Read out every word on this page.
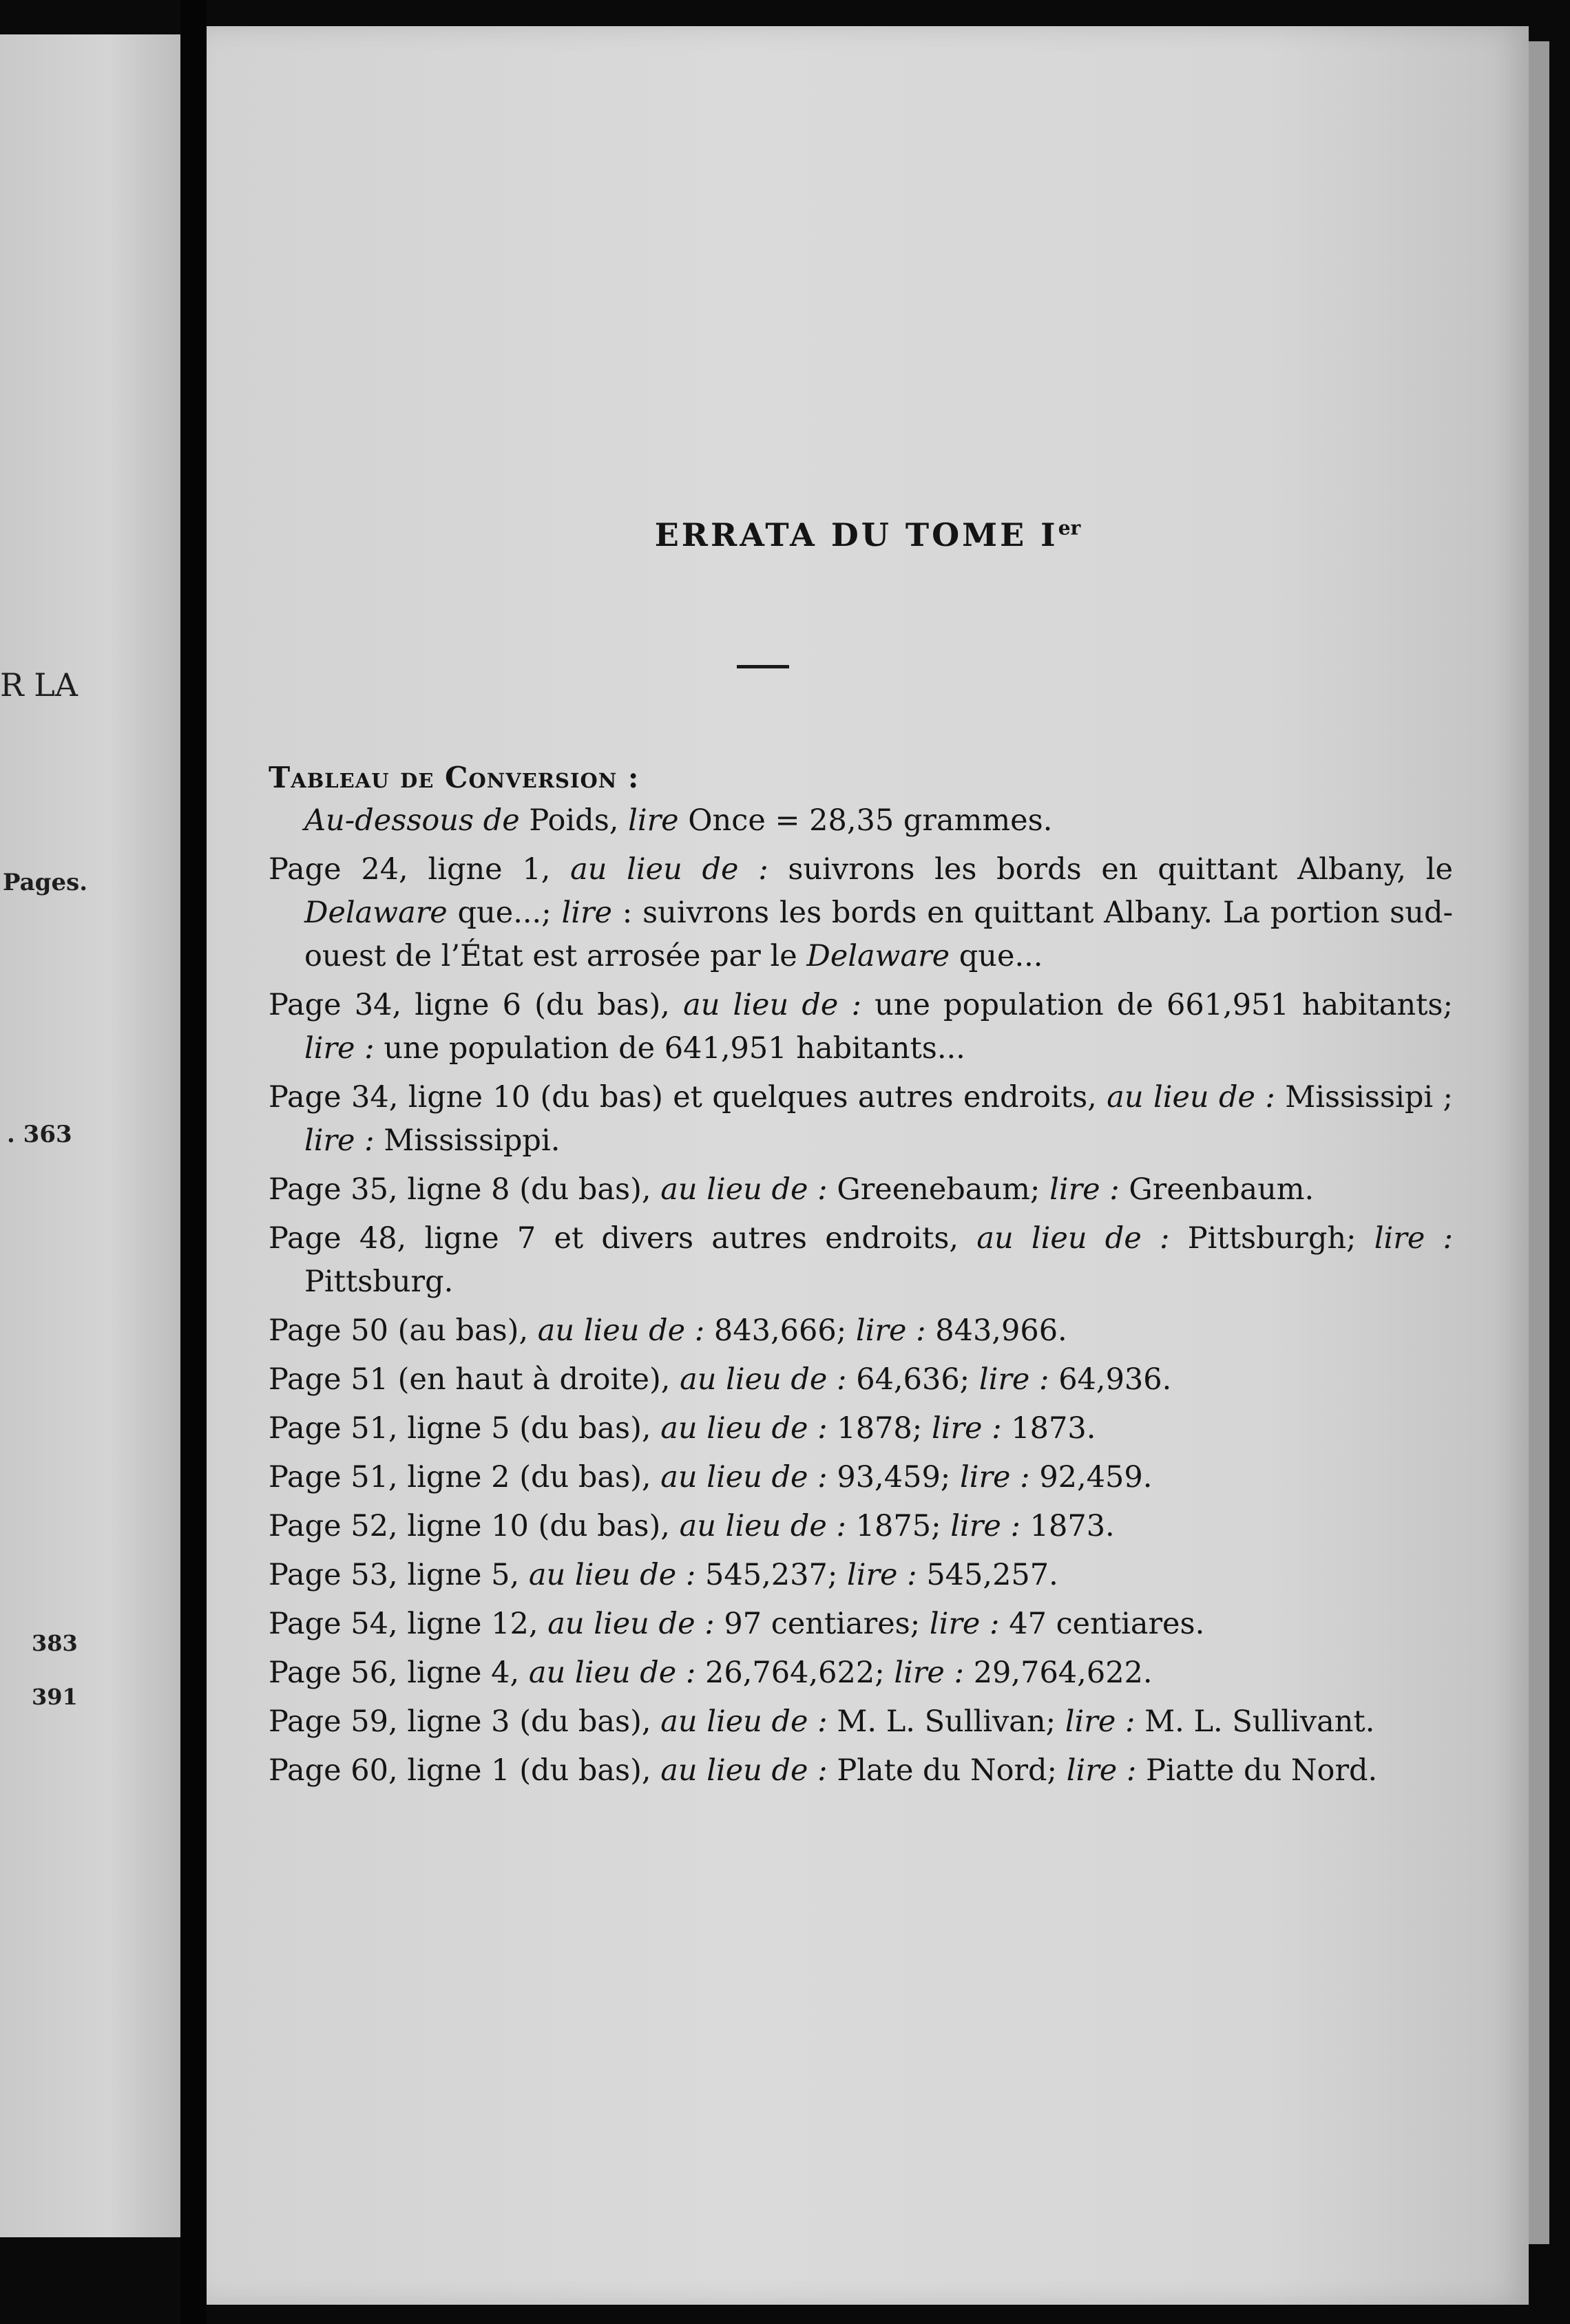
R LA
Pages.
. 363
383
391
ERRATA DU TOME Ier
Tableau de Conversion :
Au-dessous de Poids, lire Once = 28,35 grammes.
Page 24, ligne 1, au lieu de : suivrons les bords en quittant Albany, le Delaware que...; lire : suivrons les bords en quittant Albany. La portion sud-ouest de l’État est arrosée par le Delaware que...
Page 34, ligne 6 (du bas), au lieu de : une population de 661,951 habitants; lire : une population de 641,951 habitants...
Page 34, ligne 10 (du bas) et quelques autres endroits, au lieu de : Mississipi ; lire : Mississippi.
Page 35, ligne 8 (du bas), au lieu de : Greenebaum; lire : Greenbaum.
Page 48, ligne 7 et divers autres endroits, au lieu de : Pittsburgh; lire : Pittsburg.
Page 50 (au bas), au lieu de : 843,666; lire : 843,966.
Page 51 (en haut à droite), au lieu de : 64,636; lire : 64,936.
Page 51, ligne 5 (du bas), au lieu de : 1878; lire : 1873.
Page 51, ligne 2 (du bas), au lieu de : 93,459; lire : 92,459.
Page 52, ligne 10 (du bas), au lieu de : 1875; lire : 1873.
Page 53, ligne 5, au lieu de : 545,237; lire : 545,257.
Page 54, ligne 12, au lieu de : 97 centiares; lire : 47 centiares.
Page 56, ligne 4, au lieu de : 26,764,622; lire : 29,764,622.
Page 59, ligne 3 (du bas), au lieu de : M. L. Sullivan; lire : M. L. Sullivant.
Page 60, ligne 1 (du bas), au lieu de : Plate du Nord; lire : Piatte du Nord.
